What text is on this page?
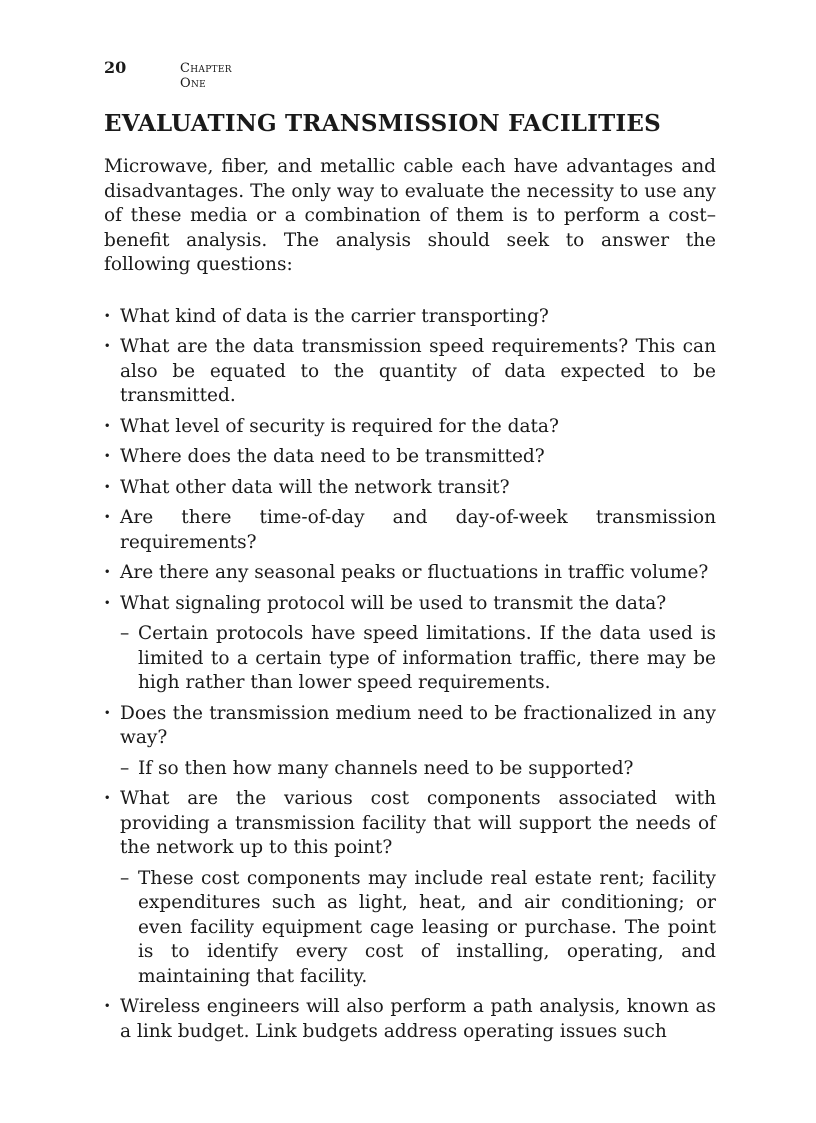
20	Chapter One
EVALUATING TRANSMISSION FACILITIES

Microwave, fiber, and metallic cable each have advantages and disadvantages. The only way to evaluate the necessity to use any of these media or a combination of them is to perform a cost–benefit analysis. The analysis should seek to answer the following questions:

· What kind of data is the carrier transporting?
· What are the data transmission speed requirements? This can also be equated to the quantity of data expected to be transmitted.
· What level of security is required for the data?
· Where does the data need to be transmitted?
· What other data will the network transit?
· Are there time-of-day and day-of-week transmission requirements?
· Are there any seasonal peaks or fluctuations in traffic volume?
· What signaling protocol will be used to transmit the data?
– Certain protocols have speed limitations. If the data used is limited to a certain type of information traffic, there may be high rather than lower speed requirements.
· Does the transmission medium need to be fractionalized in any way?
– If so then how many channels need to be supported?
· What are the various cost components associated with providing a transmission facility that will support the needs of the network up to this point?
– These cost components may include real estate rent; facility expenditures such as light, heat, and air conditioning; or even facility equipment cage leasing or purchase. The point is to identify every cost of installing, operating, and maintaining that facility.
· Wireless engineers will also perform a path analysis, known as a link budget. Link budgets address operating issues such
